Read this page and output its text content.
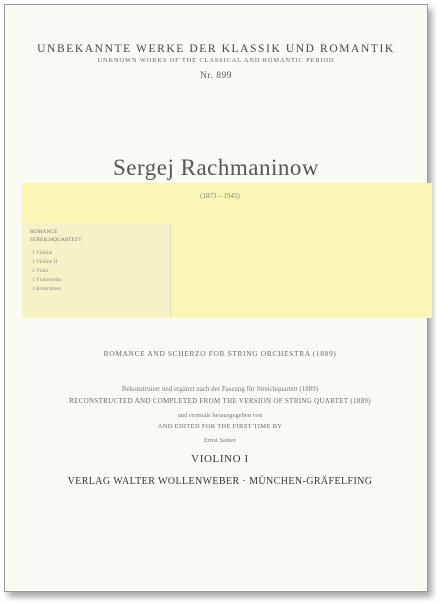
UNBEKANNTE WERKE DER KLASSIK UND ROMANTIK
UNKNOWN WORKS OF THE CLASSICAL AND ROMANTIC PERIOD
Nr. 899
Sergej Rachmaninow
(1873 – 1943)
ROMANCE
STREICHQUARTETT
1 Violine
1 Violine II
2 Viola
1 Violoncello
1 Kontrabass
ROMANCE AND SCHERZO FOR STRING ORCHESTRA (1889)
Rekonstruiert und ergänzt nach der Fassung für Streichquartett (1889)
RECONSTRUCTED AND COMPLETED FROM THE VERSION OF STRING QUARTET (1889)
und erstmals herausgegeben von
AND EDITED FOR THE FIRST TIME BY
Ernst Sauter
VIOLINO I
VERLAG WALTER WOLLENWEBER · MÜNCHEN-GRÄFELFING
